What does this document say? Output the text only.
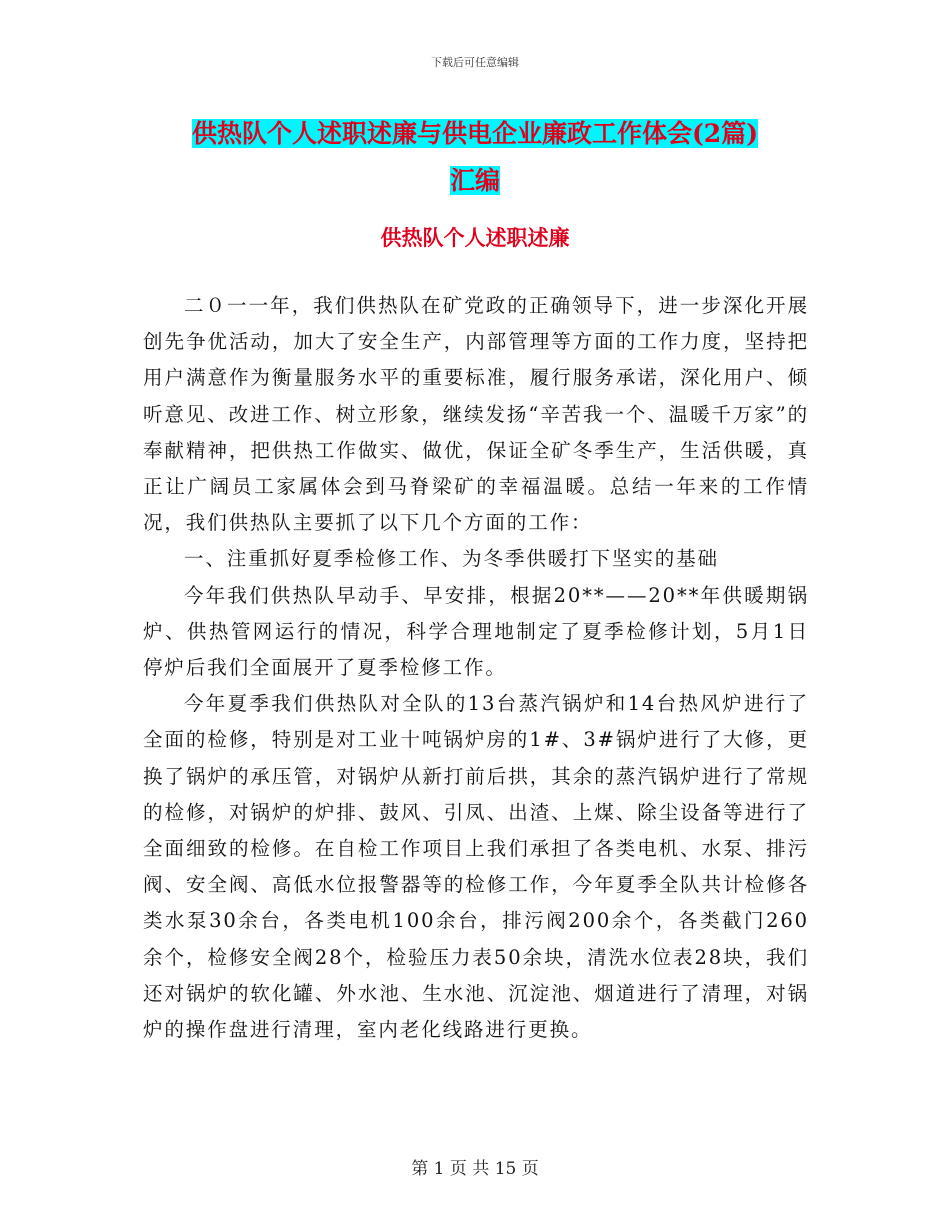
下载后可任意编辑
供热队个人述职述廉与供电企业廉政工作体会(2篇)
汇编
供热队个人述职述廉

二０一一年，我们供热队在矿党政的正确领导下，进一步深化开展创先争优活动，加大了安全生产，内部管理等方面的工作力度，坚持把用户满意作为衡量服务水平的重要标准，履行服务承诺，深化用户、倾听意见、改进工作、树立形象，继续发扬“辛苦我一个、温暖千万家”的奉献精神，把供热工作做实、做优，保证全矿冬季生产，生活供暖，真正让广阔员工家属体会到马脊梁矿的幸福温暖。总结一年来的工作情况，我们供热队主要抓了以下几个方面的工作：

一、注重抓好夏季检修工作、为冬季供暖打下坚实的基础

今年我们供热队早动手、早安排，根据20**——20**年供暖期锅炉、供热管网运行的情况，科学合理地制定了夏季检修计划，5月1日停炉后我们全面展开了夏季检修工作。

今年夏季我们供热队对全队的13台蒸汽锅炉和14台热风炉进行了全面的检修，特别是对工业十吨锅炉房的1#、3#锅炉进行了大修，更换了锅炉的承压管，对锅炉从新打前后拱，其余的蒸汽锅炉进行了常规的检修，对锅炉的炉排、鼓风、引凤、出渣、上煤、除尘设备等进行了全面细致的检修。在自检工作项目上我们承担了各类电机、水泵、排污阀、安全阀、高低水位报警器等的检修工作，今年夏季全队共计检修各类水泵30余台，各类电机100余台，排污阀200余个，各类截门260余个，检修安全阀28个，检验压力表50余块，清洗水位表28块，我们还对锅炉的软化罐、外水池、生水池、沉淀池、烟道进行了清理，对锅炉的操作盘进行清理，室内老化线路进行更换。

第 1 页 共 15 页
